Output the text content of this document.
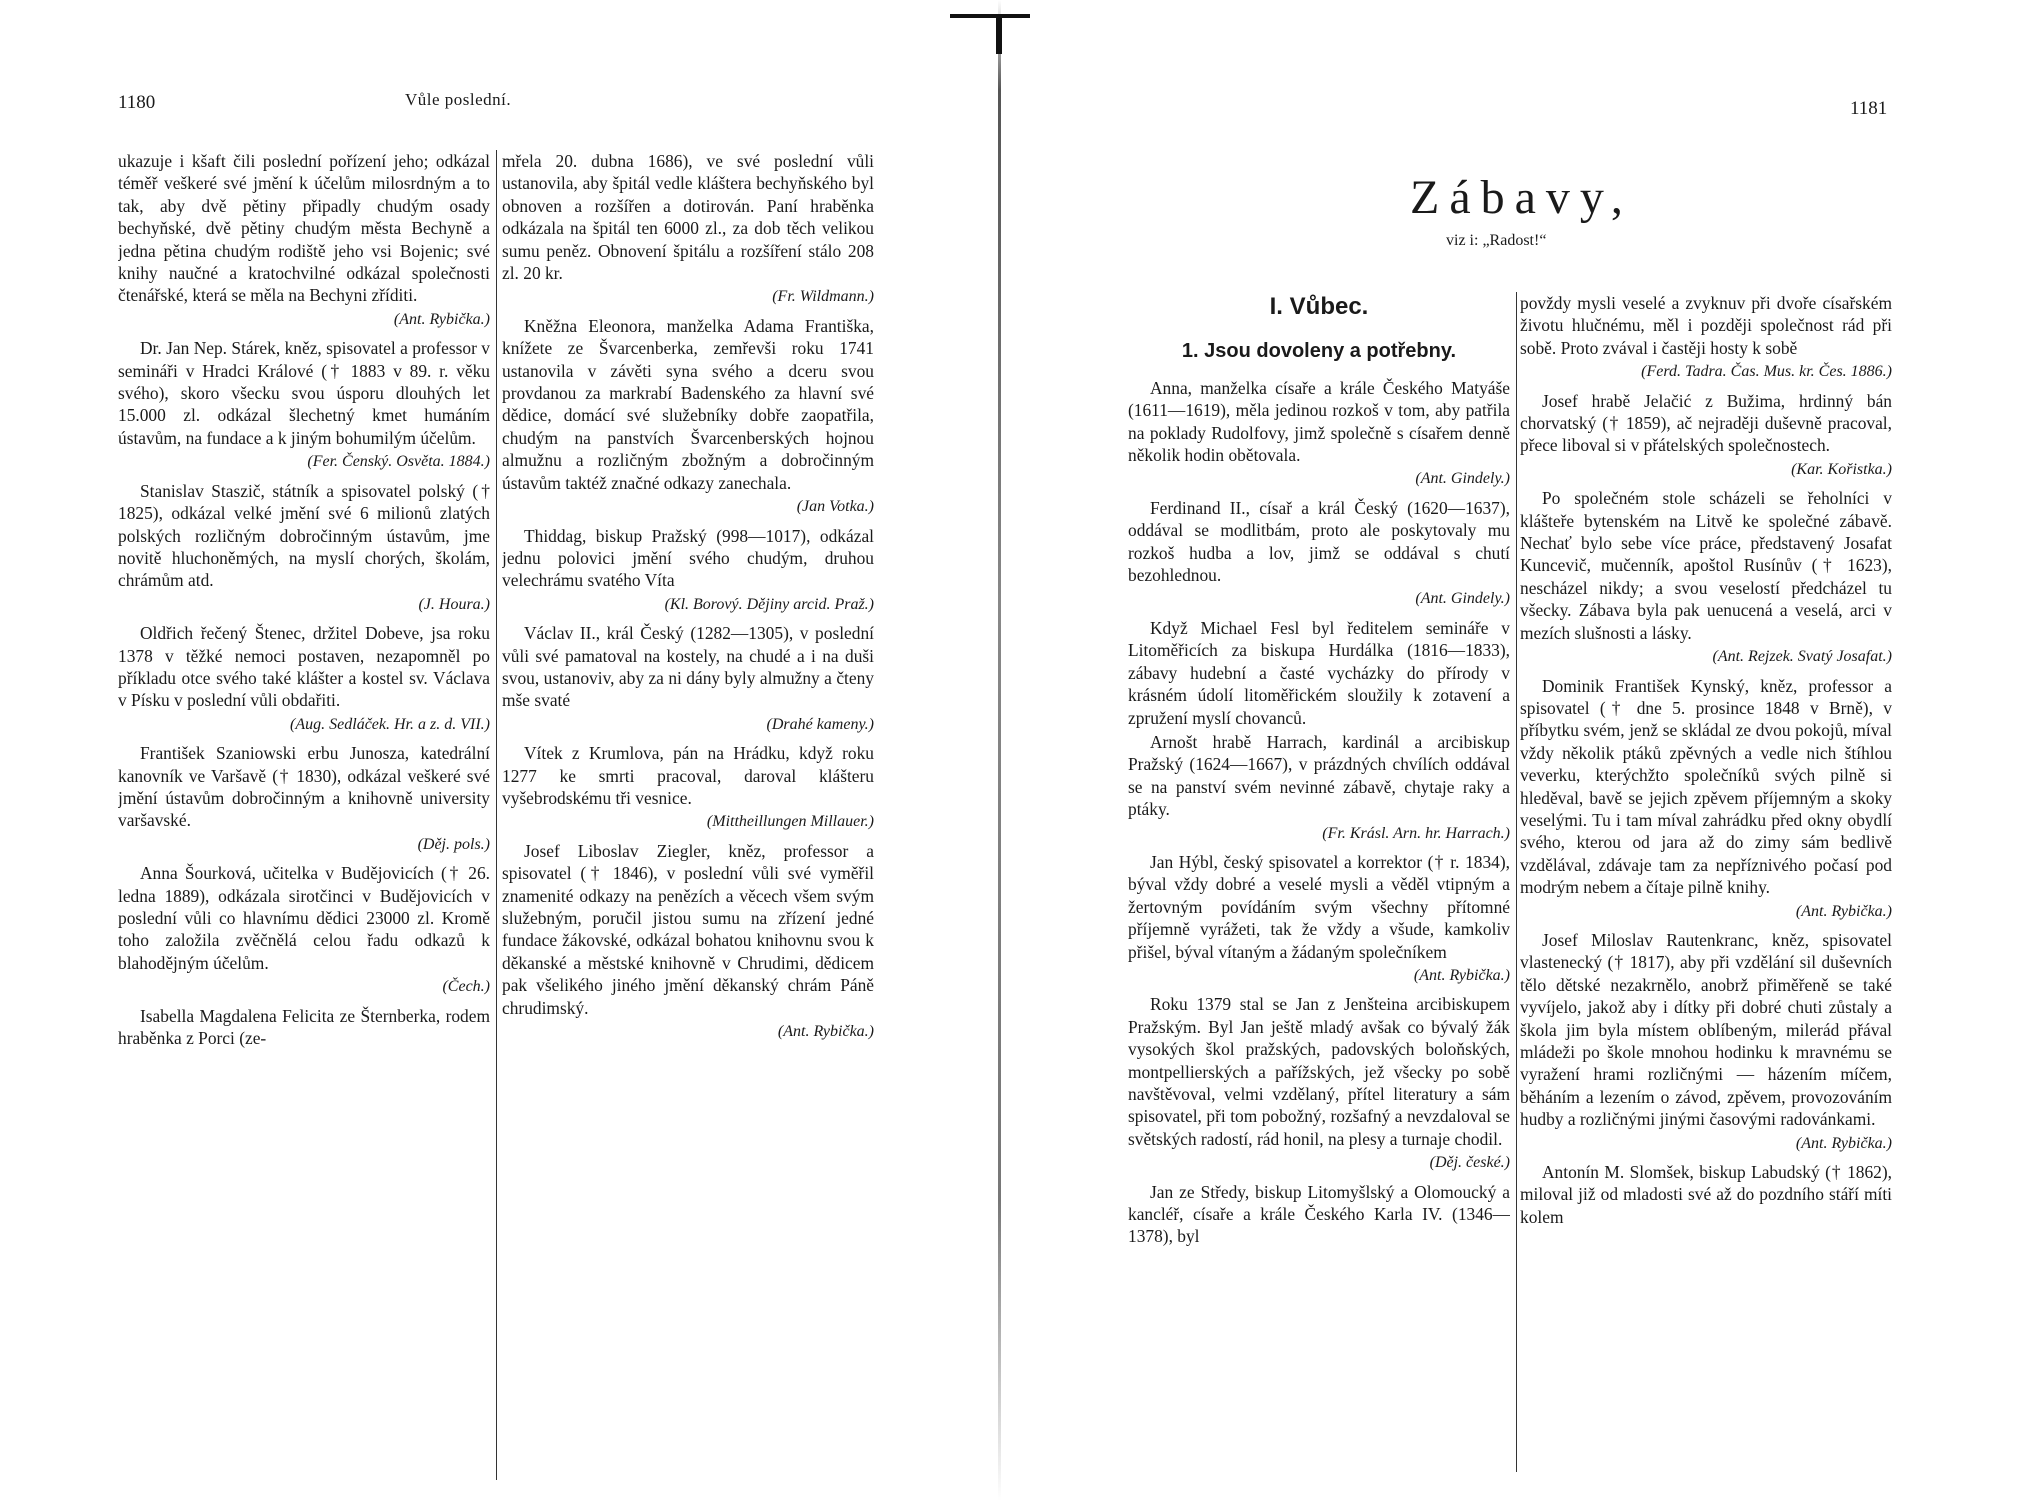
1180	Vůle poslední.

ukazuje i kšaft čili poslední pořízení jeho; odkázal téměř veškeré své jmění k účelům milosrdným a to tak, aby dvě pětiny připadly chudým osady bechyňské, dvě pětiny chudým města Bechyně a jedna pětina chudým rodiště jeho vsi Bojenic; své knihy naučné a kratochvilné odkázal společnosti čtenářské, která se měla na Bechyni zříditi.

(Ant. Rybička.)

Dr. Jan Nep. Stárek, kněz, spisovatel a professor v semináři v Hradci Králové († 1883 v 89. r. věku svého), skoro všecku svou úsporu dlouhých let 15.000 zl. odkázal šlechetný kmet humáním ústavům, na fundace a k jiným bohumilým účelům.

(Fer. Čenský. Osvěta. 1884.)

Stanislav Staszič, státník a spisovatel polský († 1825), odkázal velké jmění své 6 milionů zlatých polských rozličným dobročinným ústavům, jme novitě hluchoněmých, na myslí chorých, školám, chrámům atd.

(J. Houra.)

Oldřich řečený Štenec, držitel Dobeve, jsa roku 1378 v těžké nemoci postaven, nezapomněl po příkladu otce svého také klášter a kostel sv. Václava v Písku v poslední vůli obdařiti.

(Aug. Sedláček. Hr. a z. d. VII.)

František Szaniowski erbu Junosza, katedrální kanovník ve Varšavě († 1830), odkázal veškeré své jmění ústavům dobročinným a knihovně university varšavské.

(Děj. pols.)

Anna Šourková, učitelka v Budějovicích († 26. ledna 1889), odkázala sirotčinci v Budějovicích v poslední vůli co hlavnímu dědici 23000 zl. Kromě toho založila zvěčnělá celou řadu odkazů k blahodějným účelům.

(Čech.)

Isabella Magdalena Felicita ze Šternberka, rodem hraběnka z Porci (ze-

mřela 20. dubna 1686), ve své poslední vůli ustanovila, aby špitál vedle kláštera bechyňského byl obnoven a rozšířen a dotirován. Paní hraběnka odkázala na špitál ten 6000 zl., za dob těch velikou sumu peněz. Obnovení špitálu a rozšíření stálo 208 zl. 20 kr.

(Fr. Wildmann.)

Kněžna Eleonora, manželka Adama Františka, knížete ze Švarcenberka, zemřevši roku 1741 ustanovila v závěti syna svého a dceru svou provdanou za markrabí Badenského za hlavní své dědice, domácí své služebníky dobře zaopatřila, chudým na panstvích Švarcenberských hojnou almužnu a rozličným zbožným a dobročinným ústavům taktéž značné odkazy zanechala.

(Jan Votka.)

Thiddag, biskup Pražský (998—1017), odkázal jednu polovici jmění svého chudým, druhou velechrámu svatého Víta

(Kl. Borový. Dějiny arcid. Praž.)

Václav II., král Český (1282—1305), v poslední vůli své pamatoval na kostely, na chudé a i na duši svou, ustanoviv, aby za ni dány byly almužny a čteny mše svaté

(Drahé kameny.)

Vítek z Krumlova, pán na Hrádku, když roku 1277 ke smrti pracoval, daroval klášteru vyšebrodskému tři vesnice.

(Mittheillungen Millauer.)

Josef Liboslav Ziegler, kněz, professor a spisovatel († 1846), v poslední vůli své vyměřil znamenité odkazy na penězích a věcech všem svým služebným, poručil jistou sumu na zřízení jedné fundace žákovské, odkázal bohatou knihovnu svou k děkanské a městské knihovně v Chrudimi, dědicem pak všelikého jiného jmění děkanský chrám Páně chrudimský.

(Ant. Rybička.)
1181
Zábavy,
viz i: „Radost!“
I. Vůbec.
1. Jsou dovoleny a potřebny.

Anna, manželka císaře a krále Českého Matyáše (1611—1619), měla jedinou rozkoš v tom, aby patřila na poklady Rudolfovy, jimž společně s císařem denně několik hodin obětovala.

(Ant. Gindely.)

Ferdinand II., císař a král Český (1620—1637), oddával se modlitbám, proto ale poskytovaly mu rozkoš hudba a lov, jimž se oddával s chutí bezohlednou.

(Ant. Gindely.)

Když Michael Fesl byl ředitelem semináře v Litoměřicích za biskupa Hurdálka (1816—1833), zábavy hudební a časté vycházky do přírody v krásném údolí litoměřickém sloužily k zotavení a zpružení myslí chovanců.

Arnošt hrabě Harrach, kardinál a arcibiskup Pražský (1624—1667), v prázdných chvílích oddával se na panství svém nevinné zábavě, chytaje raky a ptáky.

(Fr. Krásl. Arn. hr. Harrach.)

Jan Hýbl, český spisovatel a korrektor († r. 1834), býval vždy dobré a veselé mysli a věděl vtipným a žertovným povídáním svým všechny přítomné příjemně vyrážeti, tak že vždy a všude, kamkoliv přišel, býval vítaným a žádaným společníkem

(Ant. Rybička.)

Roku 1379 stal se Jan z Jenšteina arcibiskupem Pražským. Byl Jan ještě mladý avšak co bývalý žák vysokých škol pražských, padovských boloňských, montpellierských a pařížských, jež všecky po sobě navštěvoval, velmi vzdělaný, přítel literatury a sám spisovatel, při tom pobožný, rozšafný a nevzdaloval se světských radostí, rád honil, na plesy a turnaje chodil.

(Děj. české.)

Jan ze Středy, biskup Litomyšlský a Olomoucký a kancléř, císaře a krále Českého Karla IV. (1346—1378), byl

povždy mysli veselé a zvyknuv při dvoře císařském životu hlučnému, měl i později společnost rád při sobě. Proto zvával i častěji hosty k sobě

(Ferd. Tadra. Čas. Mus. kr. Čes. 1886.)

Josef hrabě Jelačić z Bužima, hrdinný bán chorvatský († 1859), ač nejraději duševně pracoval, přece liboval si v přátelských společnostech.

(Kar. Kořistka.)

Po společném stole scházeli se řeholníci v klášteře bytenském na Litvě ke společné zábavě. Nechať bylo sebe více práce, představený Josafat Kuncevič, mučenník, apoštol Rusínův († 1623), nescházel nikdy; a svou veselostí předcházel tu všecky. Zábava byla pak uenucená a veselá, arci v mezích slušnosti a lásky.

(Ant. Rejzek. Svatý Josafat.)

Dominik František Kynský, kněz, professor a spisovatel († dne 5. prosince 1848 v Brně), v příbytku svém, jenž se skládal ze dvou pokojů, míval vždy několik ptáků zpěvných a vedle nich štíhlou veverku, kterýchžto společníků svých pilně si hleděval, bavě se jejich zpěvem příjemným a skoky veselými. Tu i tam míval zahrádku před okny obydlí svého, kterou od jara až do zimy sám bedlivě vzdělával, zdávaje tam za nepříznivého počasí pod modrým nebem a čítaje pilně knihy.

(Ant. Rybička.)

Josef Miloslav Rautenkranc, kněz, spisovatel vlastenecký († 1817), aby při vzdělání sil duševních tělo dětské nezakrnělo, anobrž přiměřeně se také vyvíjelo, jakož aby i dítky při dobré chuti zůstaly a škola jim byla místem oblíbeným, milerád přával mládeži po škole mnohou hodinku k mravnému se vyražení hrami rozličnými — házením míčem, běháním a lezením o závod, zpěvem, provozováním hudby a rozličnými jinými časovými radovánkami.

(Ant. Rybička.)

Antonín M. Slomšek, biskup Labudský († 1862), miloval již od mladosti své až do pozdního stáří míti kolem
